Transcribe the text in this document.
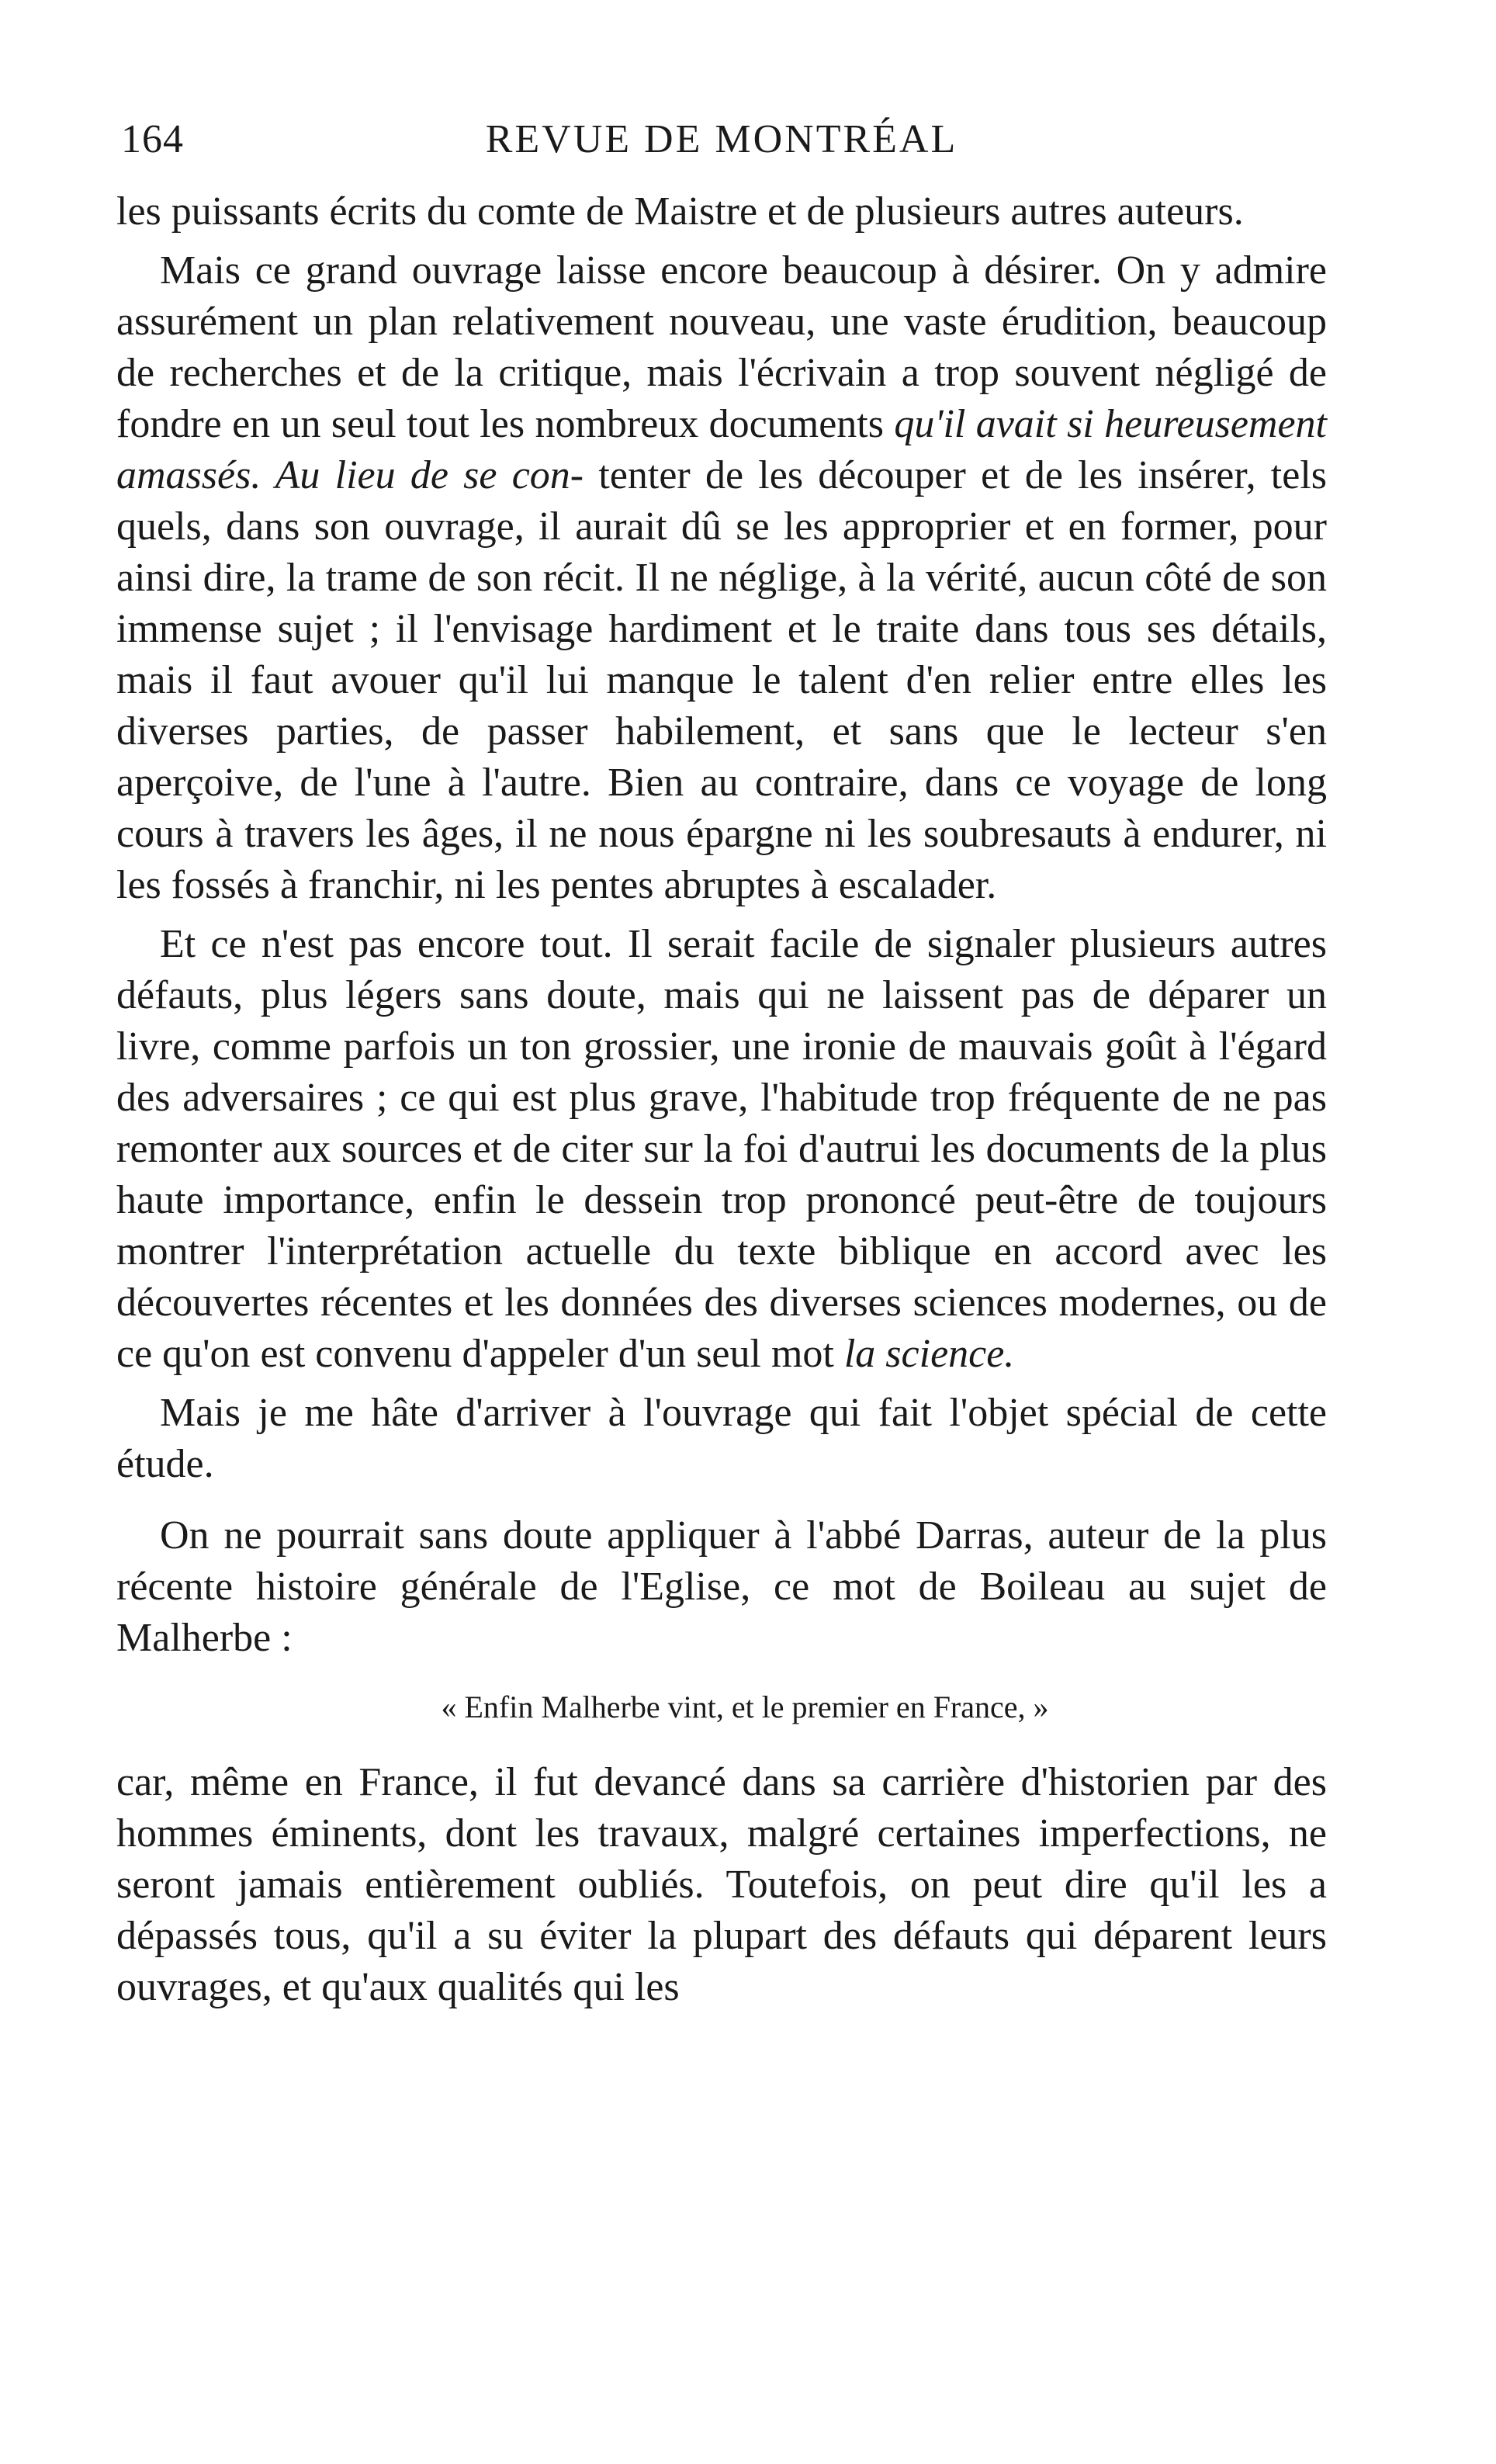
164	REVUE DE MONTRÉAL

les puissants écrits du comte de Maistre et de plusieurs autres auteurs.

Mais ce grand ouvrage laisse encore beaucoup à désirer. On y admire assurément un plan relativement nouveau, une vaste érudition, beaucoup de recherches et de la critique, mais l'écrivain a trop souvent négligé de fondre en un seul tout les nombreux documents qu'il avait si heureusement amassés. Au lieu de se con- tenter de les découper et de les insérer, tels quels, dans son ouvrage, il aurait dû se les approprier et en former, pour ainsi dire, la trame de son récit. Il ne néglige, à la vérité, aucun côté de son immense sujet ; il l'envisage hardiment et le traite dans tous ses détails, mais il faut avouer qu'il lui manque le talent d'en relier entre elles les diverses parties, de passer habilement, et sans que le lecteur s'en aperçoive, de l'une à l'autre. Bien au contraire, dans ce voyage de long cours à travers les âges, il ne nous épargne ni les soubresauts à endurer, ni les fossés à franchir, ni les pentes abruptes à escalader.

Et ce n'est pas encore tout. Il serait facile de signaler plusieurs autres défauts, plus légers sans doute, mais qui ne laissent pas de déparer un livre, comme parfois un ton grossier, une ironie de mauvais goût à l'égard des adversaires ; ce qui est plus grave, l'habitude trop fréquente de ne pas remonter aux sources et de citer sur la foi d'autrui les documents de la plus haute importance, enfin le dessein trop prononcé peut-être de toujours montrer l'interprétation actuelle du texte biblique en accord avec les découvertes récentes et les données des diverses sciences modernes, ou de ce qu'on est convenu d'appeler d'un seul mot la science.

Mais je me hâte d'arriver à l'ouvrage qui fait l'objet spécial de cette étude.

On ne pourrait sans doute appliquer à l'abbé Darras, auteur de la plus récente histoire générale de l'Eglise, ce mot de Boileau au sujet de Malherbe :

« Enfin Malherbe vint, et le premier en France, »

car, même en France, il fut devancé dans sa carrière d'historien par des hommes éminents, dont les travaux, malgré certaines imperfections, ne seront jamais entièrement oubliés. Toutefois, on peut dire qu'il les a dépassés tous, qu'il a su éviter la plupart des défauts qui déparent leurs ouvrages, et qu'aux qualités qui les
